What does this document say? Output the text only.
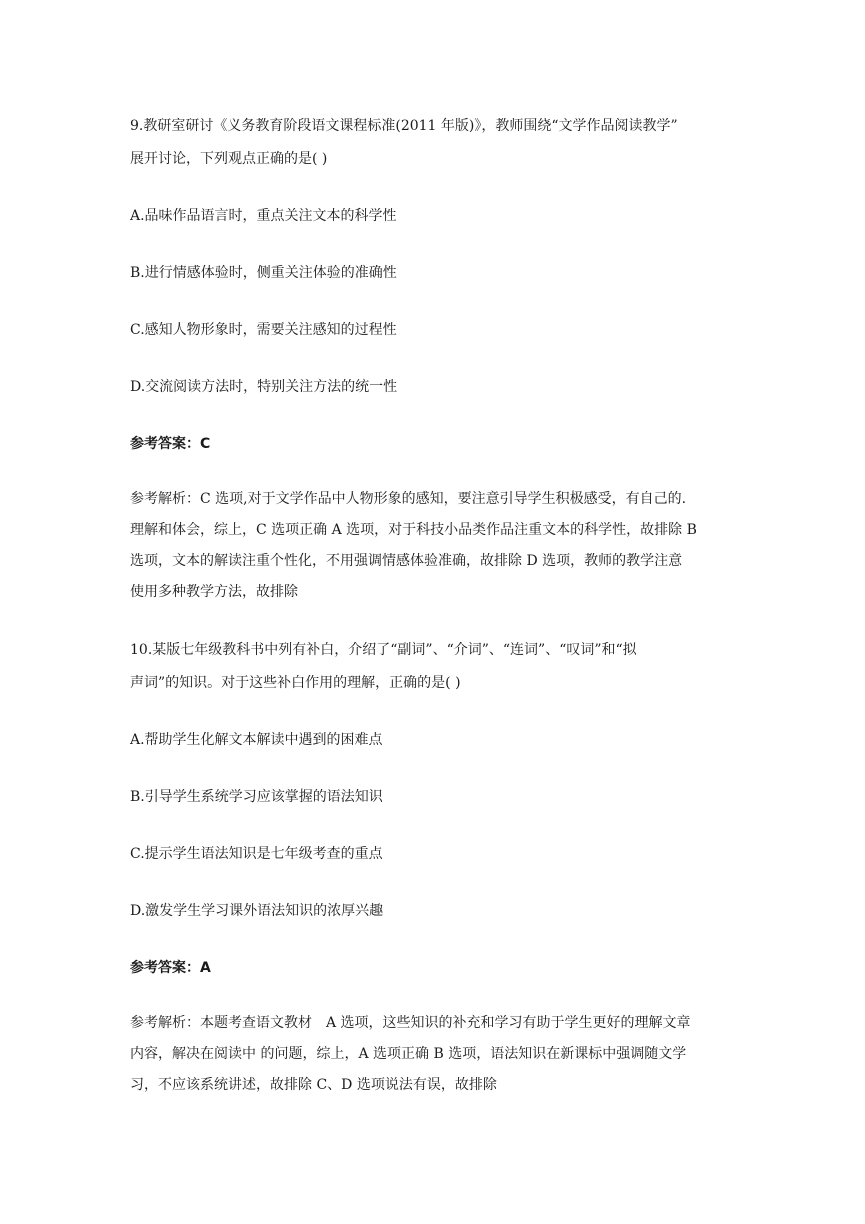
9.教研室研讨《义务教育阶段语文课程标准(2011 年版)》，教师围绕“文学作品阅读教学”
展开讨论，下列观点正确的是( )
A.品味作品语言时，重点关注文本的科学性
B.进行情感体验时，侧重关注体验的准确性
C.感知人物形象时，需要关注感知的过程性
D.交流阅读方法时，特别关注方法的统一性
参考答案：C
参考解析：C 选项,对于文学作品中人物形象的感知，要注意引导学生积极感受，有自己的.
理解和体会，综上，C 选项正确 A 选项，对于科技小品类作品注重文本的科学性，故排除 B
选项，文本的解读注重个性化，不用强调情感体验准确，故排除 D 选项，教师的教学注意
使用多种教学方法，故排除
10.某版七年级教科书中列有补白，介绍了“副词”、“介词”、“连词”、“叹词”和“拟
声词”的知识。对于这些补白作用的理解，正确的是( )
A.帮助学生化解文本解读中遇到的困难点
B.引导学生系统学习应该掌握的语法知识
C.提示学生语法知识是七年级考查的重点
D.激发学生学习课外语法知识的浓厚兴趣
参考答案：A
参考解析：本题考查语文教材　A 选项，这些知识的补充和学习有助于学生更好的理解文章
内容，解决在阅读中 的问题，综上，A 选项正确 B 选项，语法知识在新课标中强调随文学
习，不应该系统讲述，故排除 C、D 选项说法有误，故排除
